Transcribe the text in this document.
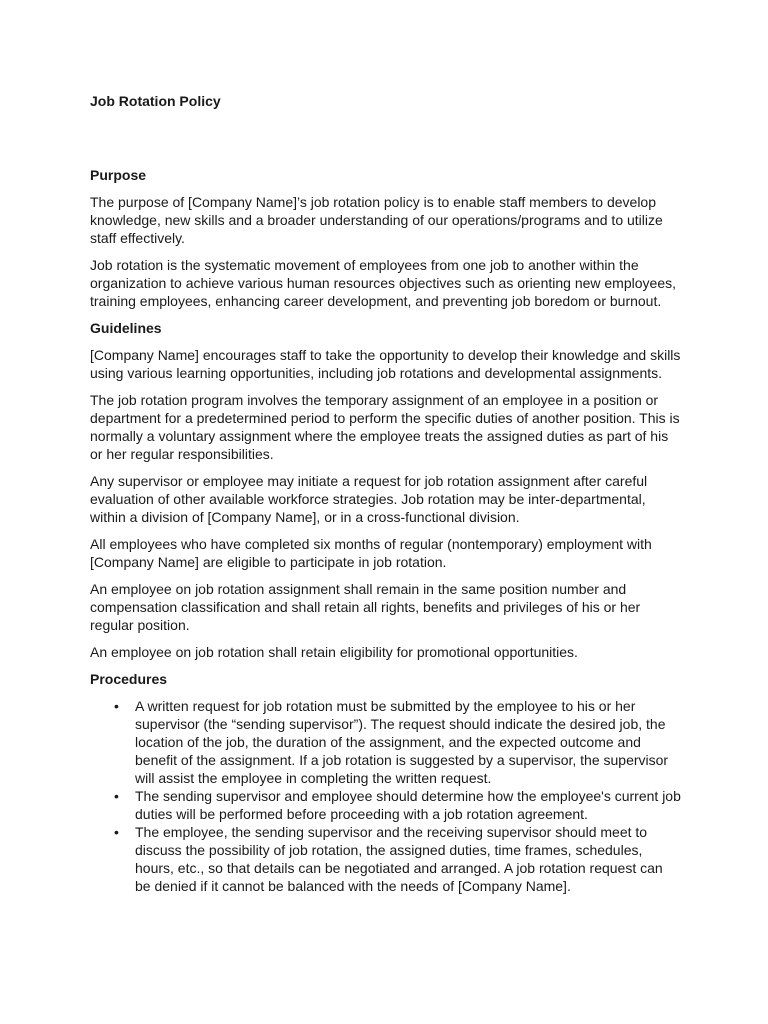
Job Rotation Policy
Purpose

The purpose of [Company Name]’s job rotation policy is to enable staff members to develop knowledge, new skills and a broader understanding of our operations/programs and to utilize staff effectively.

Job rotation is the systematic movement of employees from one job to another within the organization to achieve various human resources objectives such as orienting new employees, training employees, enhancing career development, and preventing job boredom or burnout.

Guidelines

[Company Name] encourages staff to take the opportunity to develop their knowledge and skills using various learning opportunities, including job rotations and developmental assignments.

The job rotation program involves the temporary assignment of an employee in a position or department for a predetermined period to perform the specific duties of another position. This is normally a voluntary assignment where the employee treats the assigned duties as part of his or her regular responsibilities.

Any supervisor or employee may initiate a request for job rotation assignment after careful evaluation of other available workforce strategies. Job rotation may be inter-departmental, within a division of [Company Name], or in a cross-functional division.

All employees who have completed six months of regular (nontemporary) employment with [Company Name] are eligible to participate in job rotation.

An employee on job rotation assignment shall remain in the same position number and compensation classification and shall retain all rights, benefits and privileges of his or her regular position.

An employee on job rotation shall retain eligibility for promotional opportunities.

Procedures
• A written request for job rotation must be submitted by the employee to his or her supervisor (the “sending supervisor”). The request should indicate the desired job, the location of the job, the duration of the assignment, and the expected outcome and benefit of the assignment. If a job rotation is suggested by a supervisor, the supervisor will assist the employee in completing the written request.
• The sending supervisor and employee should determine how the employee's current job duties will be performed before proceeding with a job rotation agreement.
• The employee, the sending supervisor and the receiving supervisor should meet to discuss the possibility of job rotation, the assigned duties, time frames, schedules, hours, etc., so that details can be negotiated and arranged. A job rotation request can be denied if it cannot be balanced with the needs of [Company Name].
